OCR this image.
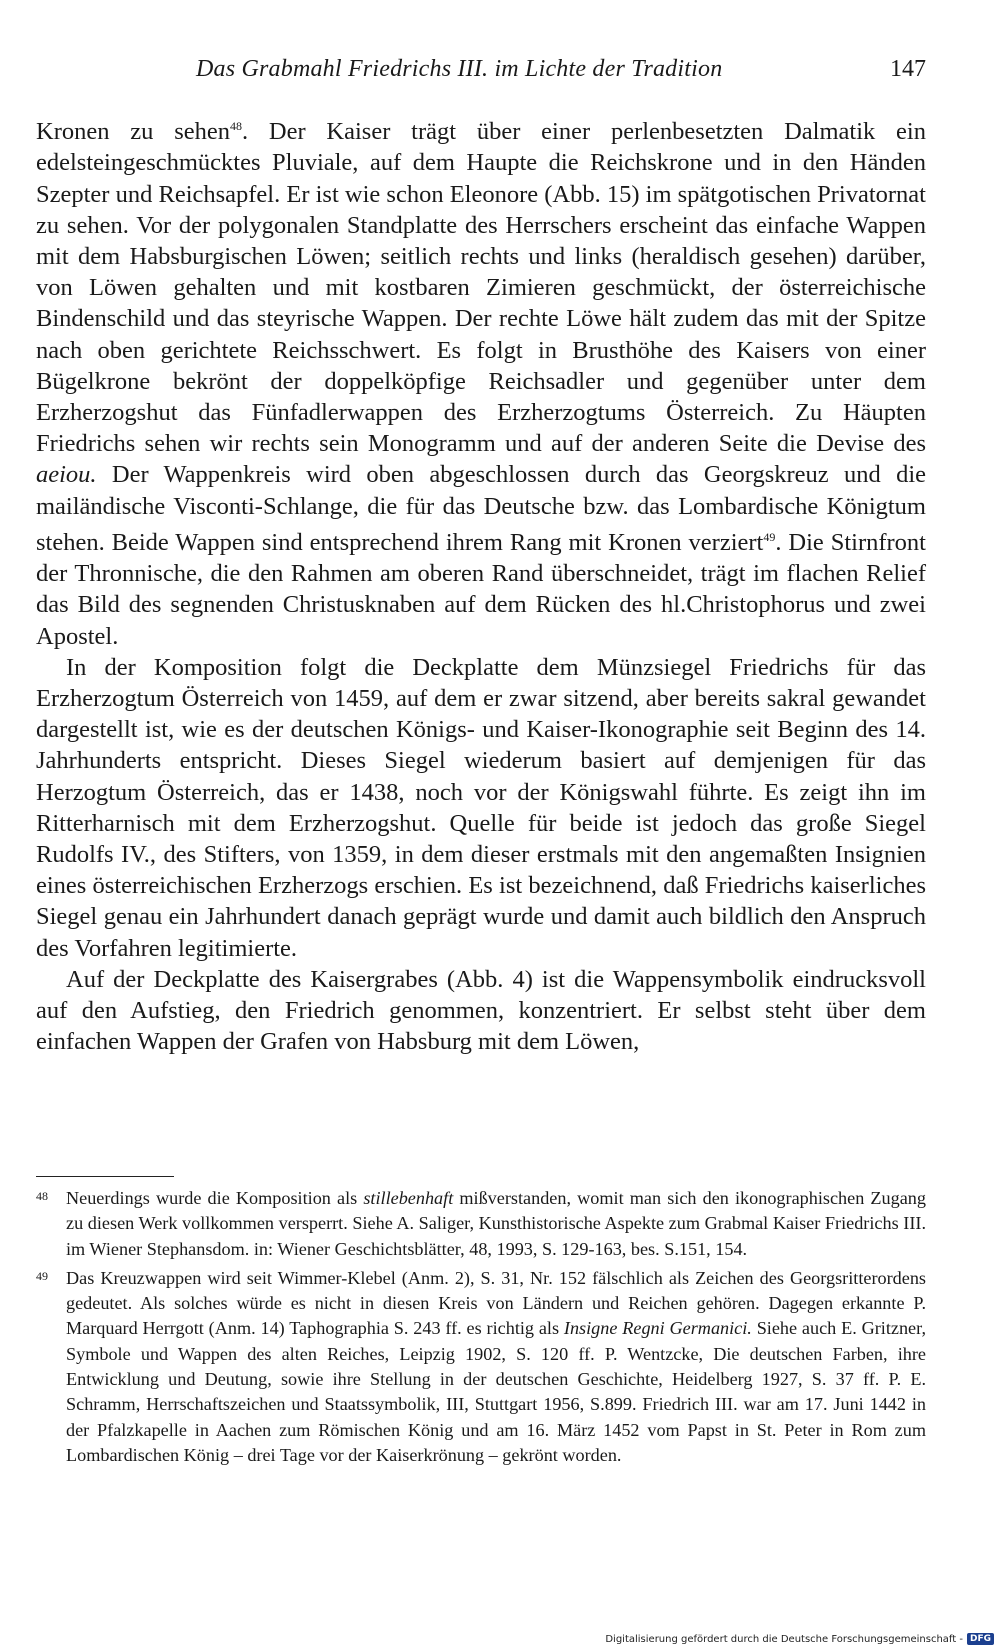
Das Grabmahl Friedrichs III. im Lichte der Tradition	147

Kronen zu sehen$^{48}$. Der Kaiser trägt über einer perlenbesetzten Dalmatik ein edelsteingeschmücktes Pluviale, auf dem Haupte die Reichskrone und in den Händen Szepter und Reichsapfel. Er ist wie schon Eleonore (Abb. 15) im spätgotischen Privatornat zu sehen. Vor der polygonalen Standplatte des Herrschers erscheint das einfache Wappen mit dem Habsburgischen Löwen; seitlich rechts und links (heraldisch gesehen) darüber, von Löwen gehalten und mit kostbaren Zimieren geschmückt, der österreichische Bindenschild und das steyrische Wappen. Der rechte Löwe hält zudem das mit der Spitze nach oben gerichtete Reichsschwert. Es folgt in Brusthöhe des Kaisers von einer Bügelkrone bekrönt der doppelköpfige Reichsadler und gegenüber unter dem Erzherzogshut das Fünfadlerwappen des Erzherzogtums Österreich. Zu Häupten Friedrichs sehen wir rechts sein Monogramm und auf der anderen Seite die Devise des aeiou. Der Wappenkreis wird oben abgeschlossen durch das Georgskreuz und die mailändische Visconti-Schlange, die für das Deutsche bzw. das Lombardische Königtum stehen. Beide Wappen sind entsprechend ihrem Rang mit Kronen verziert$^{49}$. Die Stirnfront der Thronnische, die den Rahmen am oberen Rand überschneidet, trägt im flachen Relief das Bild des segnenden Christusknaben auf dem Rücken des hl.Christophorus und zwei Apostel.

In der Komposition folgt die Deckplatte dem Münzsiegel Friedrichs für das Erzherzogtum Österreich von 1459, auf dem er zwar sitzend, aber bereits sakral gewandet dargestellt ist, wie es der deutschen Königs- und Kaiser-Ikonographie seit Beginn des 14. Jahrhunderts entspricht. Dieses Siegel wiederum basiert auf demjenigen für das Herzogtum Österreich, das er 1438, noch vor der Königswahl führte. Es zeigt ihn im Ritterharnisch mit dem Erzherzogshut. Quelle für beide ist jedoch das große Siegel Rudolfs IV., des Stifters, von 1359, in dem dieser erstmals mit den angemaßten Insignien eines österreichischen Erzherzogs erschien. Es ist bezeichnend, daß Friedrichs kaiserliches Siegel genau ein Jahrhundert danach geprägt wurde und damit auch bildlich den Anspruch des Vorfahren legitimierte.

Auf der Deckplatte des Kaisergrabes (Abb. 4) ist die Wappensymbolik eindrucksvoll auf den Aufstieg, den Friedrich genommen, konzentriert. Er selbst steht über dem einfachen Wappen der Grafen von Habsburg mit dem Löwen,

48 Neuerdings wurde die Komposition als stillebenhaft mißverstanden, womit man sich den ikonographischen Zugang zu diesen Werk vollkommen versperrt. Siehe A. Saliger, Kunsthistorische Aspekte zum Grabmal Kaiser Friedrichs III. im Wiener Stephansdom. in: Wiener Geschichtsblätter, 48, 1993, S. 129-163, bes. S.151, 154.
49 Das Kreuzwappen wird seit Wimmer-Klebel (Anm. 2), S. 31, Nr. 152 fälschlich als Zeichen des Georgsritterordens gedeutet. Als solches würde es nicht in diesen Kreis von Ländern und Reichen gehören. Dagegen erkannte P. Marquard Herrgott (Anm. 14) Taphographia S. 243 ff. es richtig als Insigne Regni Germanici. Siehe auch E. Gritzner, Symbole und Wappen des alten Reiches, Leipzig 1902, S. 120 ff. P. Wentzcke, Die deutschen Farben, ihre Entwicklung und Deutung, sowie ihre Stellung in der deutschen Geschichte, Heidelberg 1927, S. 37 ff. P. E. Schramm, Herrschaftszeichen und Staatssymbolik, III, Stuttgart 1956, S.899. Friedrich III. war am 17. Juni 1442 in der Pfalzkapelle in Aachen zum Römischen König und am 16. März 1452 vom Papst in St. Peter in Rom zum Lombardischen König – drei Tage vor der Kaiserkrönung – gekrönt worden.
Digitalisierung gefördert durch die Deutsche Forschungsgemeinschaft - DFG
